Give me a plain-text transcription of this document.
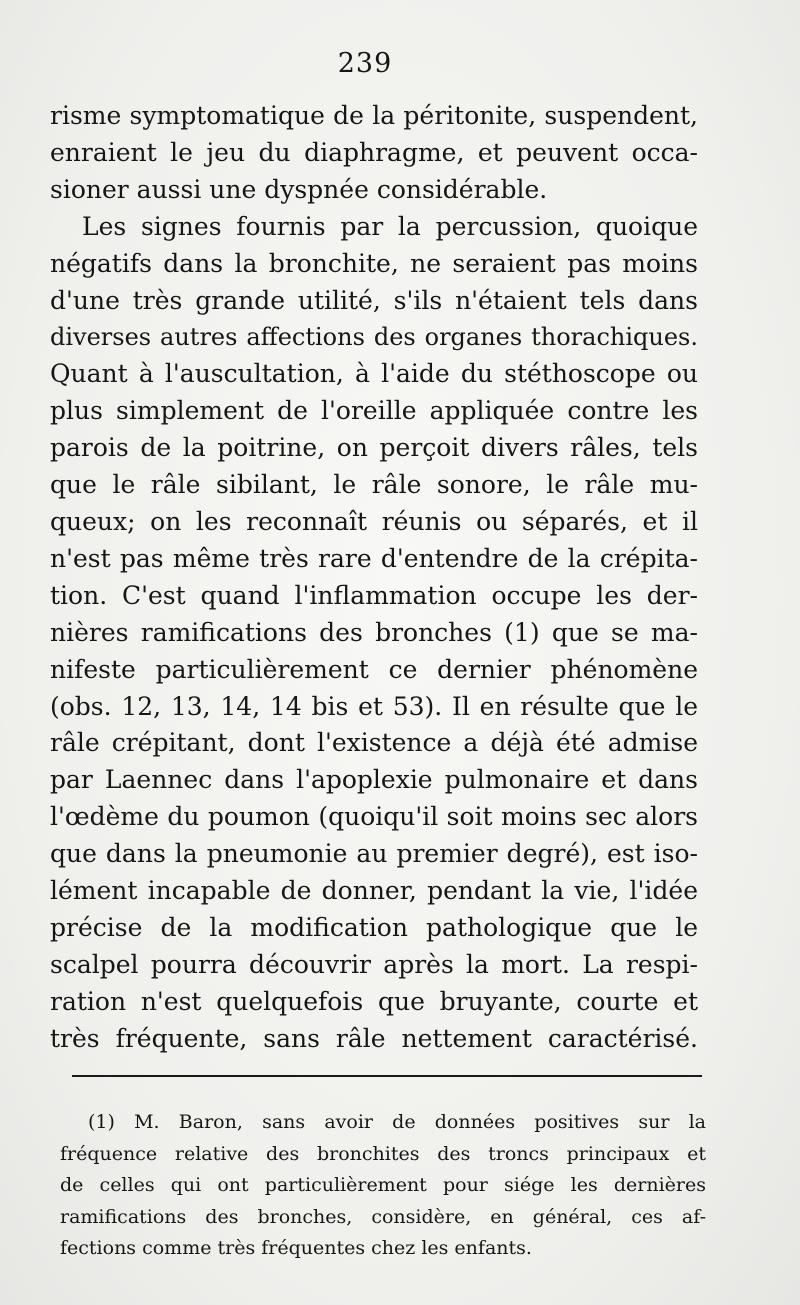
239
risme symptomatique de la péritonite, suspendent,
enraient le jeu du diaphragme, et peuvent occa-
sioner aussi une dyspnée considérable.
Les signes fournis par la percussion, quoique
négatifs dans la bronchite, ne seraient pas moins
d'une très grande utilité, s'ils n'étaient tels dans
diverses autres affections des organes thorachiques.
Quant à l'auscultation, à l'aide du stéthoscope ou
plus simplement de l'oreille appliquée contre les
parois de la poitrine, on perçoit divers râles, tels
que le râle sibilant, le râle sonore, le râle mu-
queux; on les reconnaît réunis ou séparés, et il
n'est pas même très rare d'entendre de la crépita-
tion. C'est quand l'inflammation occupe les der-
nières ramifications des bronches (1) que se ma-
nifeste particulièrement ce dernier phénomène
(obs. 12, 13, 14, 14 bis et 53). Il en résulte que le
râle crépitant, dont l'existence a déjà été admise
par Laennec dans l'apoplexie pulmonaire et dans
l'œdème du poumon (quoiqu'il soit moins sec alors
que dans la pneumonie au premier degré), est iso-
lément incapable de donner, pendant la vie, l'idée
précise de la modification pathologique que le
scalpel pourra découvrir après la mort. La respi-
ration n'est quelquefois que bruyante, courte et
très fréquente, sans râle nettement caractérisé.
(1) M. Baron, sans avoir de données positives sur la
fréquence relative des bronchites des troncs principaux et
de celles qui ont particulièrement pour siége les dernières
ramifications des bronches, considère, en général, ces af-
fections comme très fréquentes chez les enfants.
